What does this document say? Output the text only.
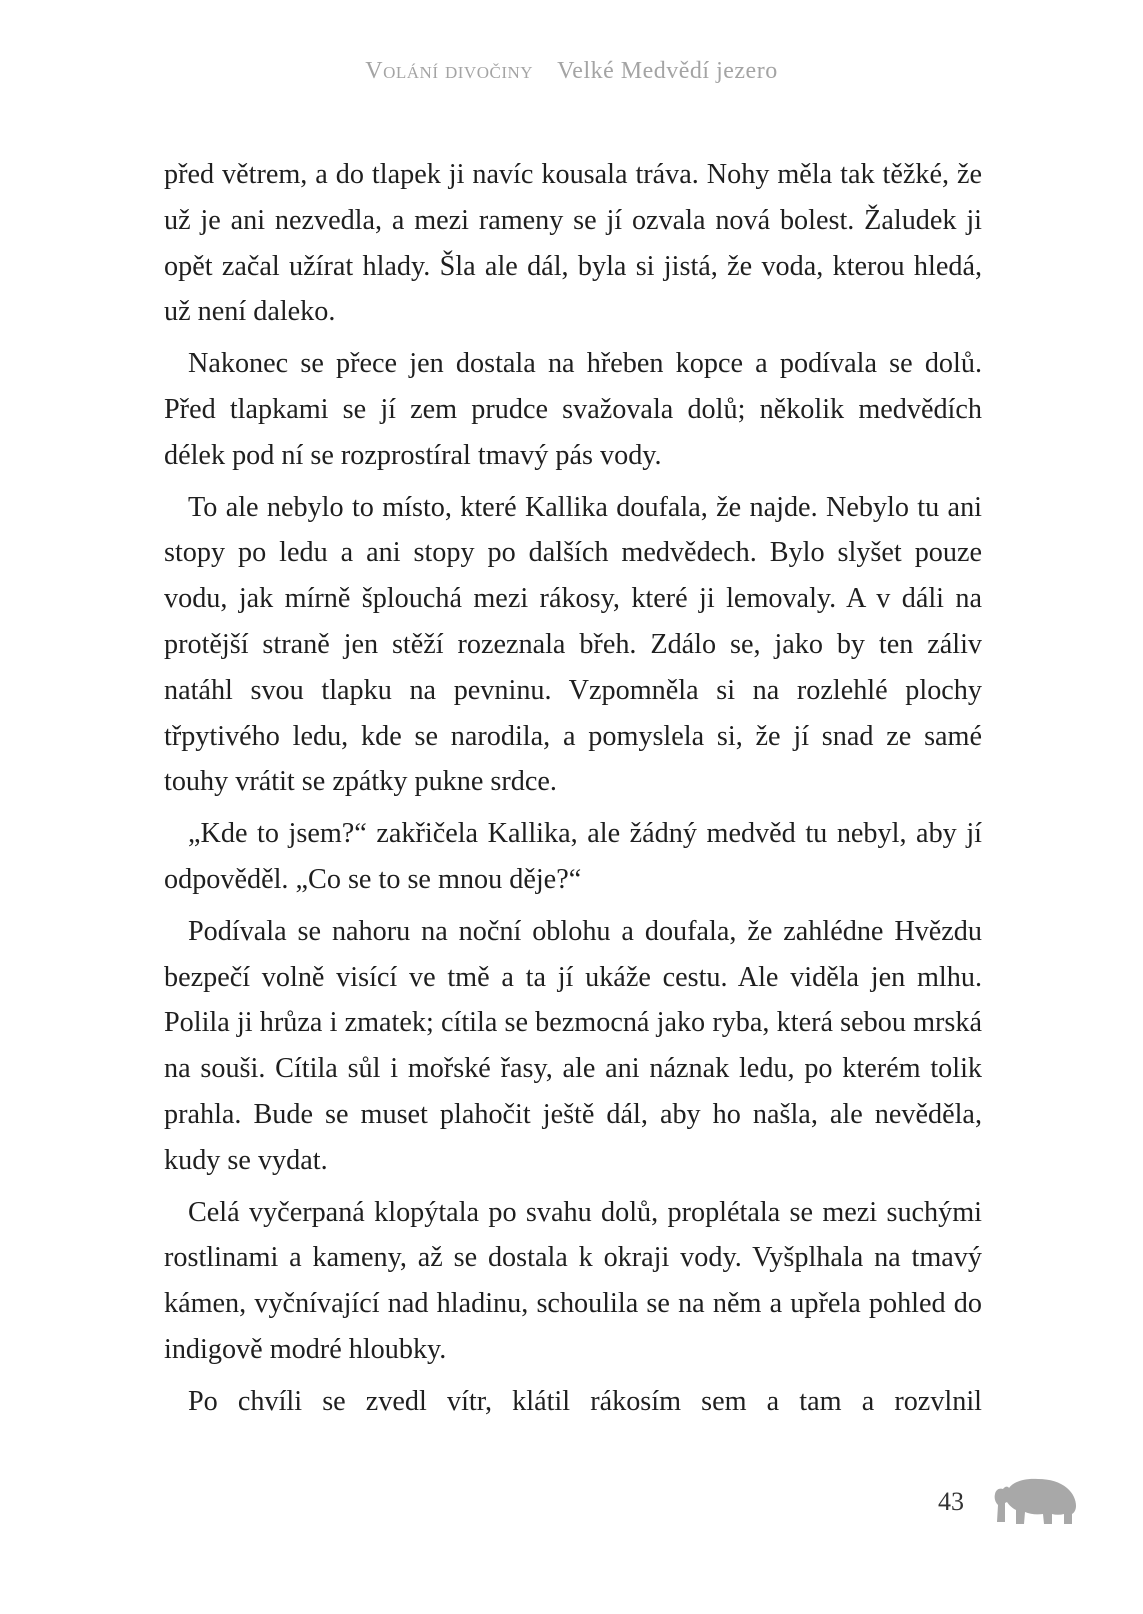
Volání divočiny Velké Medvědí jezero

před větrem, a do tlapek ji navíc kousala tráva. Nohy měla tak těžké, že už je ani nezvedla, a mezi rameny se jí ozvala nová bolest. Žaludek ji opět začal užírat hlady. Šla ale dál, byla si jistá, že voda, kterou hledá, už není daleko.

Nakonec se přece jen dostala na hřeben kopce a podívala se dolů. Před tlapkami se jí zem prudce svažovala dolů; několik medvědích délek pod ní se rozprostíral tmavý pás vody.

To ale nebylo to místo, které Kallika doufala, že najde. Nebylo tu ani stopy po ledu a ani stopy po dalších medvědech. Bylo slyšet pouze vodu, jak mírně šplouchá mezi rákosy, které ji lemovaly. A v dáli na protější straně jen stěží rozeznala břeh. Zdálo se, jako by ten záliv natáhl svou tlapku na pevninu. Vzpomněla si na rozlehlé plochy třpytivého ledu, kde se narodila, a pomyslela si, že jí snad ze samé touhy vrátit se zpátky pukne srdce.

„Kde to jsem?“ zakřičela Kallika, ale žádný medvěd tu nebyl, aby jí odpověděl. „Co se to se mnou děje?“

Podívala se nahoru na noční oblohu a doufala, že zahlédne Hvězdu bezpečí volně visící ve tmě a ta jí ukáže cestu. Ale viděla jen mlhu. Polila ji hrůza i zmatek; cítila se bezmocná jako ryba, která sebou mrská na souši. Cítila sůl i mořské řasy, ale ani náznak ledu, po kterém tolik prahla. Bude se muset plahočit ještě dál, aby ho našla, ale nevěděla, kudy se vydat.

Celá vyčerpaná klopýtala po svahu dolů, proplétala se mezi suchými rostlinami a kameny, až se dostala k okraji vody. Vyšplhala na tmavý kámen, vyčnívající nad hladinu, schoulila se na něm a upřela pohled do indigově modré hloubky.

Po chvíli se zvedl vítr, klátil rákosím sem a tam a rozvlnil

43
